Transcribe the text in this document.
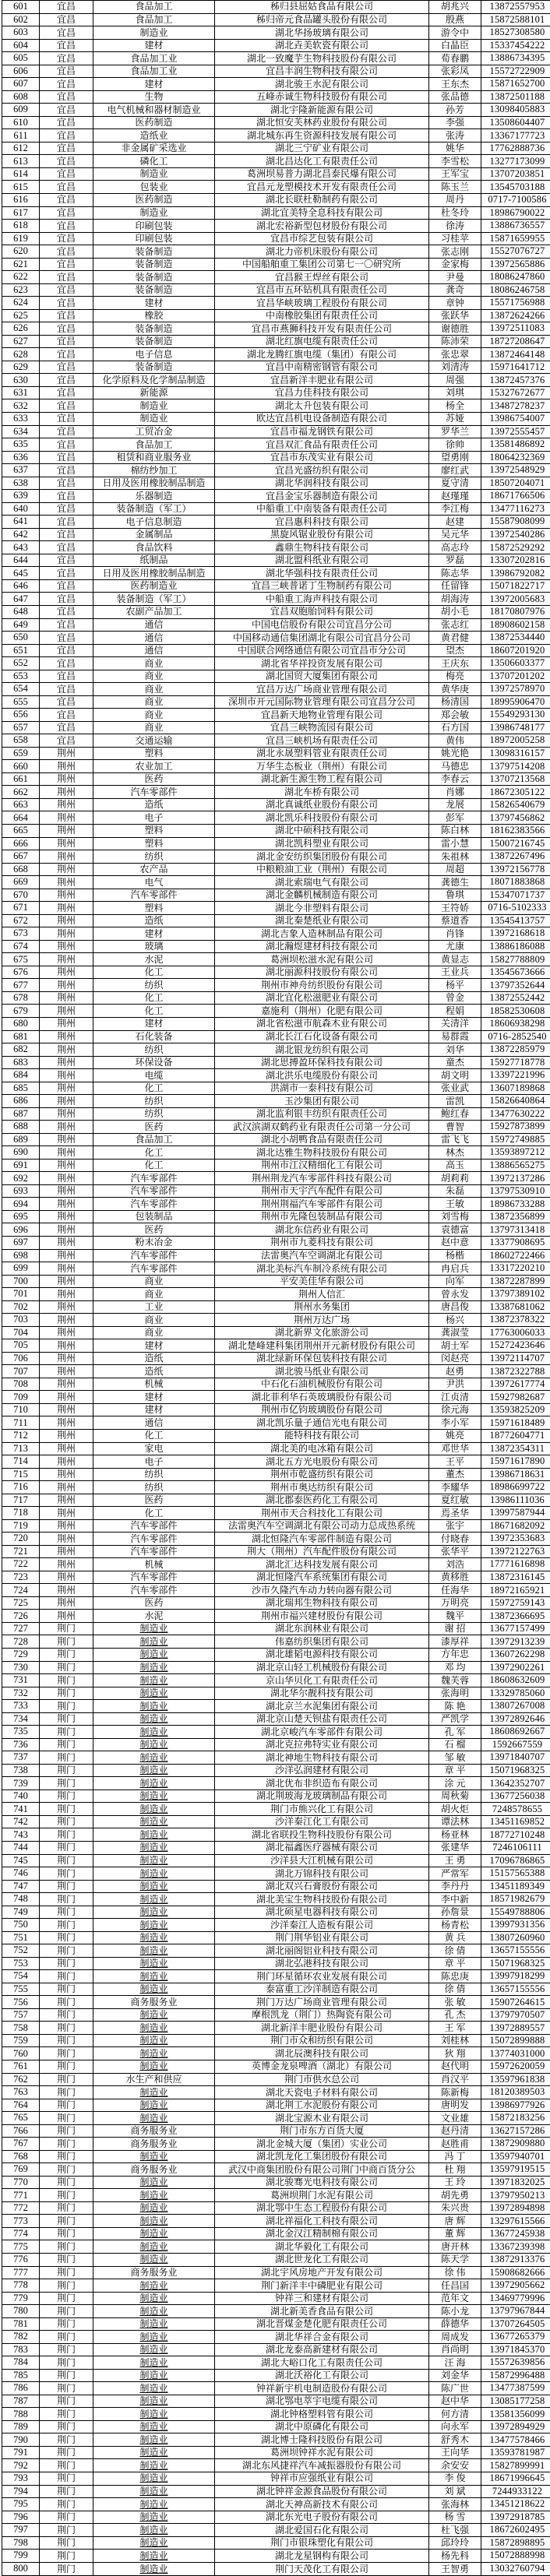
601	宜昌	食品加工	秭归县屈姑食品有限公司	胡兆兴	13872557953
602	宜昌	食品加工	秭归帝元食品罐头股份有限公司	殷燕	15872588101
603	宜昌	制造业	湖北华扬玻璃有限公司	游令中	18527308580
604	宜昌	建材	湖北垚美软瓷有限公司	白晶臣	15337454222
605	宜昌	食品加工业	湖北一致魔芋生物科技股份有限公司	荀春鹏	13886734395
606	宜昌	食品加工业	宜昌丰润生物科技有限公司	张彩凤	15572722909
607	宜昌	建材	湖北骏王水泥有限公司	王东杰	15871652700
608	宜昌	生物	五峰赤诚生物科技股份有限公司	张品德	13872501188
609	宜昌	电气机械和器材制造业	湖北宇隆新能源有限公司	孙芳	13098405883
610	宜昌	医药制造	湖北恒安芙林药业股份有限公司	李强	13508604407
611	宜昌	造纸业	湖北城东再生资源科技发展有限公司	张涛	13367177723
612	宜昌	非金属矿采选业	湖北三宁矿业有限公司	姚华	17762888736
613	宜昌	磷化工	湖北昌达化工有限责任公司	李雪松	13277173099
614	宜昌	制造业	葛洲坝易普力湖北昌泰民爆有限公司	王军宝	13707203851
615	宜昌	包装业	宜昌元龙塑模技术开发有限责任公司	陈玉兰	13545703188
616	宜昌	医药制造	湖北长联杜勒制药有限公司	周丹	0717-7100586
617	宜昌	制造业	湖北宜美特全息科技有限公司	杜冬玲	18986790022
618	宜昌	印刷包装	湖北宏裕新型包材股份有限公司	徐涛	13886736557
619	宜昌	印刷包装	宜昌市综艺包装有限公司	习桂苹	15871659955
620	宜昌	装备制造	湖北力帝机床股份有限公司	张志刚	15527076727
621	宜昌	装备制造	中国船舶重工集团公司第七一〇研究所	金家梅	13972565886
622	宜昌	装备制造	宜昌猴王焊丝有限公司	尹曼	18086247860
623	宜昌	装备制造	宜昌市五环钻机具有限责任公司	龚奇	18086246758
624	宜昌	建材	宜昌华峡玻璃工程股份有限公司	章钟	15571756988
625	宜昌	橡胶	中南橡胶集团有限责任公司	张跃华	13872624266
626	宜昌	装备制造	宜昌市燕狮科技开发有限责任公司	谢德胜	13972511083
627	宜昌	装备制造	湖北红旗电缆有限责任公司	陈沛荣	18727208647
628	宜昌	电子信息	湖北龙腾红旗电缆（集团）有限公司	张忠翠	13872464148
629	宜昌	装备制造	宜昌中南精密钢管有限公司	刘清涛	15971641712
630	宜昌	化学原料及化学制品制造	宜昌新洋丰肥业有限公司	周强	13872457376
631	宜昌	新能源	宜昌力佳科技有限公司	刘琪	15327672677
632	宜昌	制造业	湖北太升包装有限公司	杨全	13487278237
633	宜昌	制造业	欧达宜昌机电设备制造有限公司	苏娅	13986754007
634	宜昌	工贸冶金	宜昌市福龙钢铁有限公司	罗华兰	13972555457
635	宜昌	食品加工	宜昌双汇食品有限责任公司	徐帅	13581486892
636	宜昌	租赁和商业服务业	宜昌市东茂实业有限公司	望勇刚	18064232369
637	宜昌	棉纺纱加工	宜昌光盛纺织有限公司	廖红武	13972548929
638	宜昌	日用及医用橡胶制品制造	湖北华润科技有限公司	夏守清	18507204071
639	宜昌	乐器制造	宜昌金宝乐器制造有限公司	赵瑾瑾	18671766506
640	宜昌	装备制造（军工）	中船重工中南装备有限责任公司	李江梅	13477116273
641	宜昌	电子信息制造	宜昌惠科科技有限公司	赵建	15587908099
642	宜昌	金属制品	黑旋风锯业股份有限公司	吴元华	13972540286
643	宜昌	食品饮料	鑫鼎生物科技有限公司	高志玲	15872529292
644	宜昌	纸制品	湖北盟科纸业有限公司	罗磊	13307202816
645	宜昌	日用及医用橡胶制品制造	湖北华强科技有限责任公司	陈志华	13986792082
646	宜昌	医药制造业	宜昌三峡普诺丁生物制药有限公司	任留锋	15071822717
647	宜昌	装备制造（军工）	中船重工海声科技有限公司	胡海涛	13972005683
648	宜昌	农副产品加工	宜昌双胞胎饲料有限公司	胡小毛	18170807976
649	宜昌	通信	中国电信股份有限公司宜昌分公司	张志红	18908602158
650	宜昌	通信	中国移动通信集团湖北有限公司宜昌分公司	黄君健	13872534440
651	宜昌	通信	中国联合网络通信有限公司宜昌市分公司	望杰	18607201920
652	宜昌	商业	湖北省华祥投资发展有限公司	王庆东	13506603377
653	宜昌	商业	湖北国贸大厦集团有限公司	梅亮	13707201202
654	宜昌	商业	宜昌万达广场商业管理有限公司	黄华庚	13972578970
655	宜昌	商业	深圳市开元国际物业管理有限公司宜昌分公司	杨清国	18995906470
656	宜昌	商业	宜昌新天地物业管理有限公司	郑会敏	15549293130
657	宜昌	商业	宜昌三峡物流园有限公司	石方国	13986748177
658	宜昌	交通运输	宜昌三峡机场有限责任公司	黄伟	18972005258
659	荆州	塑料	湖北永晟塑料管业有限责任公司	姚光艳	13098316157
660	荆州	农业加工	万华生态板业（荆州）有限公司	马德忠	13797514208
661	荆州	医药	湖北新生源生物工程有限公司	李春云	13707213568
662	荆州	汽车零部件	湖北车桥有限公司	肖娜	18672305122
663	荆州	造纸	湖北真诚纸业股份有限公司	龙展	15826540679
664	荆州	电子	湖北凯乐科技股份有限公司	彭军	13797456862
665	荆州	塑料	湖北中硕科技有限公司	陈白林	18162383566
666	荆州	塑料	湖北凯科塑业有限公司	雷小慧	15007216745
667	荆州	纺织	湖北金安纺织集团股份有限公司	朱祖林	13872267496
668	荆州	农产品	中粮粮油工业（荆州）有限公司	周超	13972156778
669	荆州	电气	湖北索瑞电气有限公司	龚德生	18071883868
670	荆州	汽车零部件	湖北金麟机械制造有限公司	鲁琪	15347071737
671	荆州	塑料	湖北今非塑料有限公司	王符娇	0716-5102333
672	荆州	造纸	湖北秦楚纸业有限公司	蔡道香	13545413757
673	荆州	建材	湖北吉象人造林制品有限公司	肖锋	13972168618
674	荆州	玻璃	湖北瀚煜建材科技有限公司	尤康	13886186088
675	荆州	水泥	葛洲坝松滋水泥有限公司	黄显志	15827788809
676	荆州	化工	湖北丽源科技股份有限公司	王业兵	13545673666
677	荆州	纺织	荆州市神舟纺织股份有限公司	杨平	13797352644
678	荆州	化工	湖北宜化松滋肥业有限公司	曾金	13872552442
679	荆州	化工	嘉施利（荆州）化肥有限公司	程娟	18582530608
680	荆州	建材	湖北省松滋市航森木业有限公司	关清洋	18606938298
681	荆州	石化装备	湖北长江石化设备有限公司	易群霞	0716-2852540
682	荆州	纺织	湖北银龙纺织有限公司	刘华	13872285979
683	荆州	环保设备	湖北思搏盈环保科技有限公司	童杰	15927718778
684	荆州	电缆	湖北洪乐电缆股份有限公司	胡文明	13397221996
685	荆州	化工	洪湖市一泰科技有限公司	张业武	13607189868
686	荆州	纺织	玉沙集团有限公司	雷凯	15826640864
687	荆州	纺织	湖北监利银丰纺织有限责任公司	鲍红春	13477630222
688	荆州	医药	武汉滨湖双鹤药业有限责任公司第一分公司	曹智	15927873899
689	荆州	食品加工	湖北小胡鸭食品有限责任公司	雷飞飞	15972749885
690	荆州	化工	湖北达雅生物科技股份有限公司	林杰	13593897212
691	荆州	化工	荆州市江汉精细化工有限公司	高玉	13886565275
692	荆州	汽车零部件	荆州荆龙汽车零部件科技有限公司	胡莉莉	13972137286
693	荆州	汽车零部件	荆州市天宇汽车配件有限公司	朱磊	13797530910
694	荆州	汽车零部件	荆州荆福汽车零部件有限公司	王敏	18986733288
695	荆州	包装制品	荆州市先隆包装制品有限公司	刘雪梅	13872356899
696	荆州	医药	湖北东信药业有限公司	袁德富	13797313418
697	荆州	粉末冶金	荆州市九菱科技有限公司	赵中意	13377908695
698	荆州	汽车零部件	法雷奥汽车空调湖北有限公司	杨楷	18602722466
699	荆州	汽车零部件	湖北美标汽车制冷系统有限公司	冉启兵	13317220210
700	荆州	商业	平安美佳华有限公司	向军	13872287899
701	荆州	商业	荆州人信汇	曾永发	13797389102
702	荆州	工业	荆州水务集团	唐昌俊	13387681062
703	荆州	商业	荆州万达广场	杨兴	13872378322
704	荆州	商业	湖北新界文化旅游公司	龚淑莹	17763006033
705	荆州	建材	湖北楚峰建科集团荆州开元新材股份有限公司	胡士军	15272423646
706	荆州	造纸	湖北绿新环保包装科技有限公司	闵赵亮	13972114707
707	荆州	造纸	湖北骏马纸业有限公司	赵勇	13872322788
708	荆州	机械	中石化石油机械股份有限公司	尹洪	13972617774
709	荆州	建材	湖北菲利华石英玻璃股份有限公司	江贞清	15927982687
710	荆州	建材	荆州市亿钧玻璃股份有限公司	徐元海	13593825209
711	荆州	通信	湖北凯乐量子通信光电有限公司	李小军	15971618489
712	荆州	化工	能特科技有限公司	姚亮	18772604771
713	荆州	家电	湖北美的电冰箱有限公司	邓世华	13872354311
714	荆州	电子	湖北五方光电股份有限公司	王平	15971617890
715	荆州	纺织	荆州市乾盛纺织有限公司	董杰	13986718631
716	荆州	纺织	荆州市奥达纺织有限公司	李耀华	18986699722
717	荆州	医药	湖北郡泰医药化工有限公司	夏红敏	13986111036
718	荆州	化工	荆州市天合科技化工有限公司	焉圣华	13997587944
719	荆州	汽车零部件	法雷奥汽车空调湖北有限公司动力总成热系统	张宇	18671682092
720	荆州	汽车零部件	湖北恒隆汽车零部件制造有限公司	付晓春	13972353683
721	荆州	汽车零部件	荆大（荆州）汽车配件股份有限公司	张华平	13972122763
722	荆州	机械	湖北汇达科技发展有限公司	刘浩	17771616898
723	荆州	汽车零部件	湖北恒隆汽车系统集团有限公司	黄移胜	13872316145
724	荆州	汽车零部件	沙市久隆汽车动力转向器有限公司	任海华	18972165921
725	荆州	医药	湖北瑞邦生物科技有限公司	万明亮	15972759143
726	荆州	水泥	荆州市福兴建材股份有限公司	魏平	13872366695
727	荆门	制造业	湖北东润林业有限公司	谢 招	13677157499
728	荆门	制造业	伟嘉纺织集团有限公司	漆厚祥	13972913239
729	荆门	制造业	湖北雄韬电源科技有限公司	方年忠	13607262298
730	荆门	制造业	湖北京山轻工机械股份有限公司	邓 均	13972902261
731	荆门	制造业	京山华贝化工有限责任公司	魏芙蓉	18608632609
732	荆门	制造业	湖北华尔靓科技有限公司	张海明	13329785060
733	荆门	制造业	湖北京兰水泥集团有限公司	陈 艳	13807267008
734	荆门	制造业	湖北京山楚天钡盐有限责任公司	严凯学	13972892646
735	荆门	制造业	湖北京峻汽车零部件有限公司	孔 军	18608692667
736	荆门	制造业	湖北克拉弗特实业有限公司	石 榴	1592667559
737	荆门	制造业	湖北神地生物科技有限公司	邹 敏	13971840707
738	荆门	制造业	沙洋弘润建材有限公司	章 平	15071968325
739	荆门	制造业	湖北优布非织造布有限公司	涂 元	13642352707
740	荆门	制造业	湖北荆玻海龙玻璃制品有限公司	周秋菊	13677256038
741	荆门	制造业	荆门市熊兴化工有限公司	胡火炬	7248578655
742	荆门	制造业	沙洋秦江化工有限公司	谭法林	13451169852
743	荆门	制造业	湖北省联投生物科技股份有限公司	杨亚林	18772710248
744	荆门	制造业	湖北福鑫医疗器械有限公司	张建华	7246106111
745	荆门	制造业	沙洋县大江机械有限公司	王 勇	17096786865
746	荆门	制造业	湖北万锦科技有限公司	严常军	15157565388
747	荆门	制造业	湖北双兴石膏股份有限公司	李丹丹	13451189349
748	荆门	制造业	湖北美宝生物科技股份有限公司	李中新	18571982679
749	荆门	制造业	湖北硕星电器科技有限公司	孙詹景	15549788806
750	荆门	制造业	沙洋秦江人造板有限公司	杨青松	13997931356
751	荆门	制造业	荆门荆华铝业有限公司	黄 兵	13807260960
752	荆门	制造业	湖北丽阁铝业科技有限公司	徐 倩	13657155556
753	荆门	制造业	湖北弘港科技有限公司	章 平	15071968325
754	荆门	制造业	荆门环星循环农业发展有限公司	陈忠庚	13997918299
755	荆门	制造业	泰富重工沙洋制造有限公司	徐 倩	13657155556
756	荆门	商务服务业	荆门万达广场商业管理有限公司	张 敏	15907264615
757	荆门	制造业	摩根凯龙（荆门）热陶瓷有限公司	孔 杰	13797970507
758	荆门	制造业	湖北新洋丰肥业股份有限公司	王 军	13972889557
759	荆门	制造业	荆门市众和纺织有限公司	刘桂林	15072899888
760	荆门	制造业	湖北辰澳科技有限公司	狄 翔	13774031000
761	荆门	制造业	英博金龙泉啤酒（湖北）有限公司	赵代明	15972620059
762	荆门	水生产和供应	荆门市供水总公司	肖汉平	13597961838
763	荆门	制造业	湖北天瓷电子材料有限公司	陈新梅	18120389503
764	荆门	制造业	湖北荆工水泥股份有限公司	唐明发	13986977926
765	荆门	制造业	湖北宝源木业有限公司	文业雄	15872183256
766	荆门	商务服务业	荆门市东方百货大厦	赵丹清	13627157286
767	荆门	商务服务业	湖北金城大厦（集团）实业公司	赵胜甫	13872909880
768	荆门	制造业	湖北凯龙化工集团股份有限公司	冯 丁	13597940701
769	荆门	商务服务业	武汉中商集团股份有限公司荆门中商百货分公	杜 翔	13597919515
770	荆门	制造业	湖北骏骞光电科技有限公司	王 玲	13971832025
771	荆门	制造业	葛洲坝荆门水泥有限公司	胡先勇	13797950213
772	荆门	制造业	湖北鄂中生态工程股份有限公司	朱兴贵	13972894898
773	荆门	制造业	湖北祥福化工科技有限公司	唐 辉	13297615566
774	荆门	制造业	湖北金汉江精制棉有限公司	董 辉	13677245938
775	荆门	制造业	湖北华毅化工有限公司	唐开林	13367239398
776	荆门	制造业	湖北世龙化工有限公司	陈天学	13872913376
777	荆门	商务服务业	湖北宇风房地产开发有限公司	徐 伟	15908682666
778	荆门	制造业	荆门新洋丰中磷肥业有限公司	任昌国	13972905662
779	荆门	制造业	钟祥三和建材有限公司	范年文	13469779996
780	荆门	制造业	湖北新美香食品有限公司	陈小龙	13797967844
781	荆门	制造业	湖北晋煤金楚化肥有限责任公司	薛德华	13707264505
782	荆门	制造业	湖北华祥合金有限公司	周成发	13677265379
783	荆门	制造业	湖北龙泰高新建材有限公司	肖尚明	13971845370
784	荆门	制造业	湖北大峪口化工有限责任公司	汪 海	15572639856
785	荆门	制造业	湖北沃裕化工有限公司	刘金华	15872996488
786	荆门	制造业	钟祥新宇机电制造股份有限公司	陈广世	13477387599
787	荆门	制造业	湖北鄂电萃宇电缆有限公司	赵中华	13085177258
788	荆门	制造业	湖北钟格塑料管有限公司	何方清	13581356099
789	荆门	制造业	湖北中原磷化有限公司	向永军	13972894929
790	荆门	制造业	湖北博士隆科技股份有限公司	舒秀木	13477578466
791	荆门	制造业	葛洲坝钟祥水泥有限公司	王向华	13593781987
792	荆门	制造业	湖北东风捷祥汽车减振器股份有限公司	余安安	15827899991
793	荆门	制造业	钟祥市应强纸业有限公司	李 俊	18671996645
794	荆门	制造业	湖北钟祥金源食品股份有限公司	刘 斌	7244933122
795	荆门	制造业	湖北天神高新技术有限公司	张海林	13451218622
796	荆门	制造业	湖北东光电子股份有限公司	杨 雪	13972918785
797	荆门	制造业	湖北爱国石化有限公司	杜飞强	18672602495
798	荆门	制造业	荆门市银珠塑化有限公司	邱玲玲	15872898895
799	荆门	制造业	湖北龙星钢构有限公司	杨先科	15072888998
800	荆门	制造业	荆门天茂化工有限公司	王智勇	13032760794
